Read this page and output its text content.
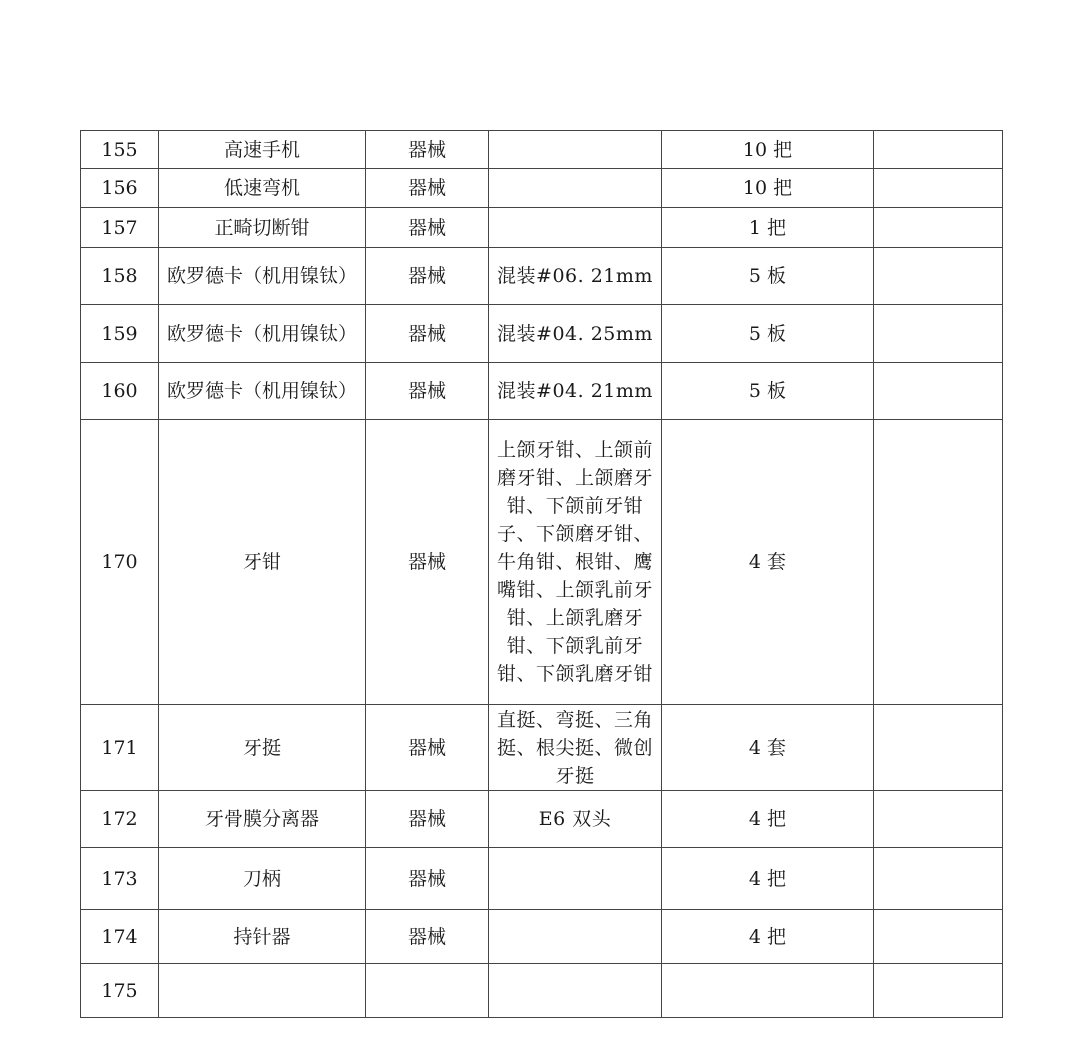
155	高速手机	器械		10 把	
156	低速弯机	器械		10 把	
157	正畸切断钳	器械		1 把	
158	欧罗德卡（机用镍钛）	器械	混装#06. 21mm	5 板	
159	欧罗德卡（机用镍钛）	器械	混装#04. 25mm	5 板	
160	欧罗德卡（机用镍钛）	器械	混装#04. 21mm	5 板	
170	牙钳	器械	上颌牙钳、上颌前磨牙钳、上颌磨牙钳、下颌前牙钳子、下颌磨牙钳、牛角钳、根钳、鹰嘴钳、上颌乳前牙钳、上颌乳磨牙钳、下颌乳前牙钳、下颌乳磨牙钳	4 套	
171	牙挺	器械	直挺、弯挺、三角挺、根尖挺、微创牙挺	4 套	
172	牙骨膜分离器	器械	E6 双头	4 把	
173	刀柄	器械		4 把	
174	持针器	器械		4 把	
175					
